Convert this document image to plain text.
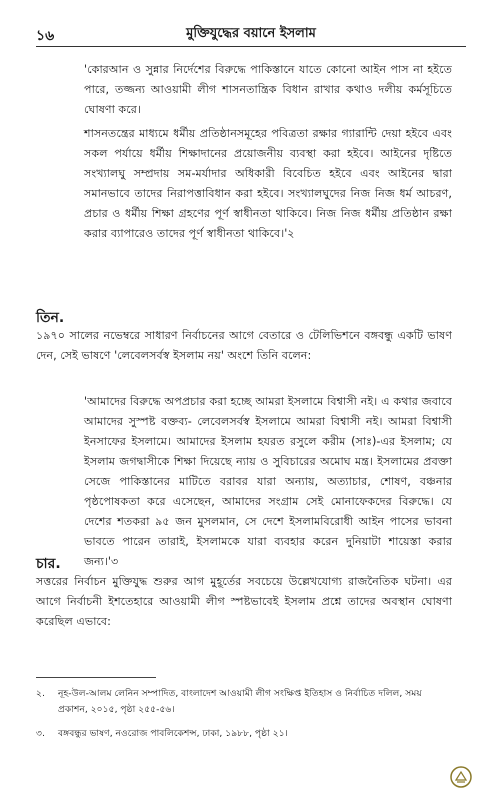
১৬	মুক্তিযুদ্ধের বয়ানে ইসলাম

'কোরআন ও সুন্নার নির্দেশের বিরুদ্ধে পাকিস্তানে যাতে কোনো আইন পাস না হইতে পারে, তজ্জন্য আওয়ামী লীগ শাসনতান্ত্রিক বিধান রাখার কথাও দলীয় কর্মসূচিতে ঘোষণা করে।

শাসনতন্ত্রের মাধ্যমে ধর্মীয় প্রতিষ্ঠানসমূহের পবিত্রতা রক্ষার গ্যারান্টি দেয়া হইবে এবং সকল পর্যায়ে ধর্মীয় শিক্ষাদানের প্রয়োজনীয় ব্যবস্থা করা হইবে। আইনের দৃষ্টিতে সংখ্যালঘু সম্প্রদায় সম-মর্যাদার অধিকারী বিবেচিত হইবে এবং আইনের দ্বারা সমানভাবে তাদের নিরাপত্তাবিধান করা হইবে। সংখ্যালঘুদের নিজ নিজ ধর্ম আচরণ, প্রচার ও ধর্মীয় শিক্ষা গ্রহণের পূর্ণ স্বাধীনতা থাকিবে। নিজ নিজ ধর্মীয় প্রতিষ্ঠান রক্ষা করার ব্যাপারেও তাদের পূর্ণ স্বাধীনতা থাকিবে।'২

তিন.

১৯৭০ সালের নভেম্বরে সাধারণ নির্বাচনের আগে বেতারে ও টেলিভিশনে বঙ্গবন্ধু একটি ভাষণ দেন, সেই ভাষণে 'লেবেলসর্বস্ব ইসলাম নয়' অংশে তিনি বলেন:

'আমাদের বিরুদ্ধে অপপ্রচার করা হচ্ছে আমরা ইসলামে বিশ্বাসী নই। এ কথার জবাবে আমাদের সুস্পষ্ট বক্তব্য- লেবেলসর্বস্ব ইসলামে আমরা বিশ্বাসী নই। আমরা বিশ্বাসী ইনসাফের ইসলামে। আমাদের ইসলাম হযরত রসুলে করীম (সাঃ)-এর ইসলাম; যে ইসলাম জগদ্বাসীকে শিক্ষা দিয়েছে ন্যায় ও সুবিচারের অমোঘ মন্ত্র। ইসলামের প্রবক্তা সেজে পাকিস্তানের মাটিতে বরাবর যারা অন্যায়, অত্যাচার, শোষণ, বঞ্চনার পৃষ্ঠপোষকতা করে এসেছেন, আমাদের সংগ্রাম সেই মোনাফেকদের বিরুদ্ধে। যে দেশের শতকরা ৯৫ জন মুসলমান, সে দেশে ইসলামবিরোধী আইন পাসের ভাবনা ভাবতে পারেন তারাই, ইসলামকে যারা ব্যবহার করেন দুনিয়াটা শায়েস্তা করার জন্য।'৩

চার.

সত্তরের নির্বাচন মুক্তিযুদ্ধ শুরুর আগ মুহূর্তের সবচেয়ে উল্লেখযোগ্য রাজনৈতিক ঘটনা। এর আগে নির্বাচনী ইশতেহারে আওয়ামী লীগ স্পষ্টভাবেই ইসলাম প্রশ্নে তাদের অবস্থান ঘোষণা করেছিল এভাবে:

২. নূহ-উল-আলম লেনিন সম্পাদিত, বাংলাদেশ আওয়ামী লীগ সংক্ষিপ্ত ইতিহাস ও নির্বাচিত দলিল, সময় প্রকাশন, ২০১৫, পৃষ্ঠা ২৫৫-৫৬।
৩. বঙ্গবন্ধুর ভাষণ, নওরোজ পাবলিকেশন্স, ঢাকা, ১৯৮৮, পৃষ্ঠা ২১।
